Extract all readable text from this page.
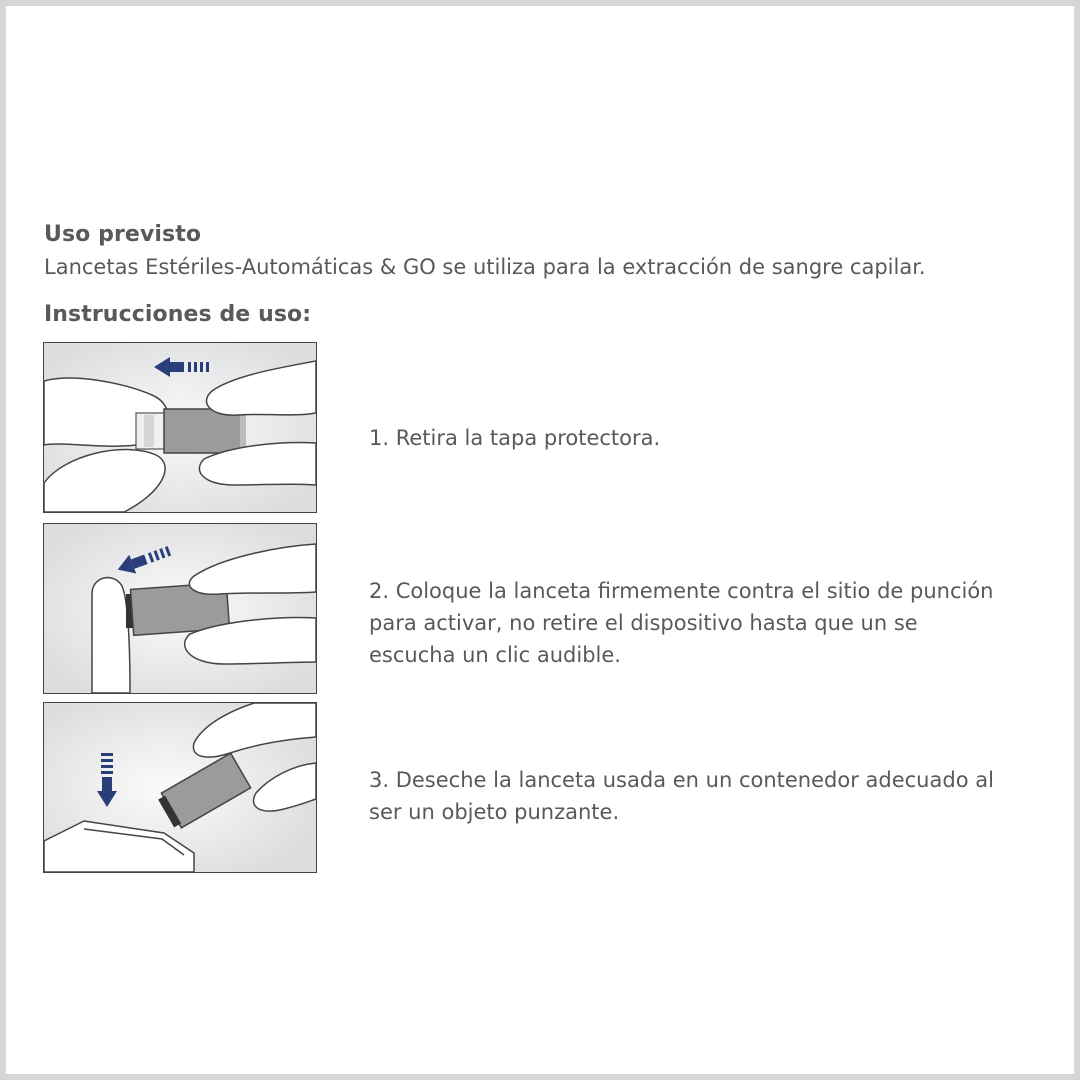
Uso previsto
Lancetas Estériles-Automáticas & GO se utiliza para la extracción de sangre capilar.
Instrucciones de uso:
1. Retira la tapa protectora.
2. Coloque la lanceta firmemente contra el sitio de punción para activar, no retire el dispositivo hasta que un se escucha un clic audible.
3. Deseche la lanceta usada en un contenedor adecuado al ser un objeto punzante.
